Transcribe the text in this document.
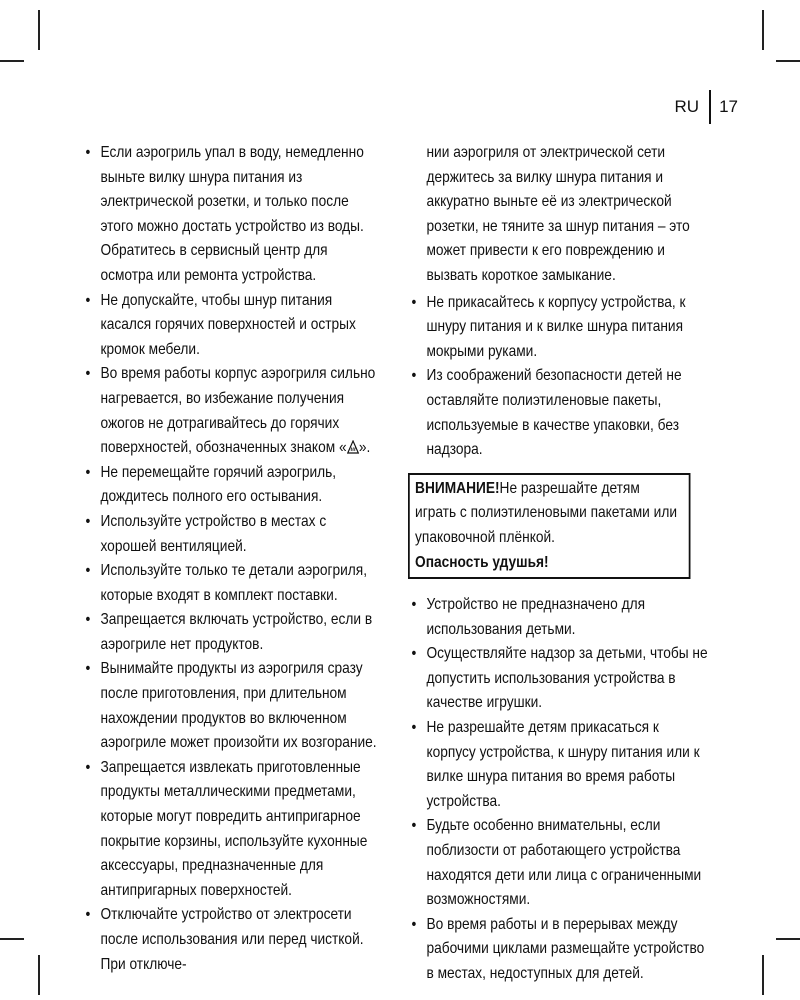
RU	17
• Если аэрогриль упал в воду, немедленно выньте вилку шнура питания из электрической розетки, и только после этого можно достать устройство из воды. Обратитесь в сервисный центр для осмотра или ремонта устройства.
• Не допускайте, чтобы шнур питания касался горячих поверхностей и острых кромок мебели.
• Во время работы корпус аэрогриля сильно нагревается, во избежание получения ожогов не дотрагивайтесь до горячих поверхностей, обозначенных знаком « ».
• Не перемещайте горячий аэрогриль, дождитесь полного его остывания.
• Используйте устройство в местах с хорошей вентиляцией.
• Используйте только те детали аэрогриля, которые входят в комплект поставки.
• Запрещается включать устройство, если в аэрогриле нет продуктов.
• Вынимайте продукты из аэрогриля сразу после приготовления, при длительном нахождении продуктов во включенном аэрогриле может произойти их возгорание.
• Запрещается извлекать приготовленные продукты металлическими предметами, которые могут повредить антипригарное покрытие корзины, используйте кухонные аксессуары, предназначенные для антипригарных поверхностей.
• Отключайте устройство от электросети после использования или перед чисткой. При отключе-
нии аэрогриля от электрической сети держитесь за вилку шнура питания и аккуратно выньте её из электрической розетки, не тяните за шнур питания – это может привести к его повреждению и вызвать короткое замыкание.
• Не прикасайтесь к корпусу устройства, к шнуру питания и к вилке шнура питания мокрыми руками.
• Из соображений безопасности детей не оставляйте полиэтиленовые пакеты, используемые в качестве упаковки, без надзора.
ВНИМАНИЕ!Не разрешайте детям играть с полиэтиленовыми пакетами или упаковочной плёнкой.
Опасность удушья!
• Устройство не предназначено для использования детьми.
• Осуществляйте надзор за детьми, чтобы не допустить использования устройства в качестве игрушки.
• Не разрешайте детям прикасаться к корпусу устройства, к шнуру питания или к вилке шнура питания во время работы устройства.
• Будьте особенно внимательны, если поблизости от работающего устройства находятся дети или лица с ограниченными возможностями.
• Во время работы и в перерывах между рабочими циклами размещайте устройство в местах, недоступных для детей.
